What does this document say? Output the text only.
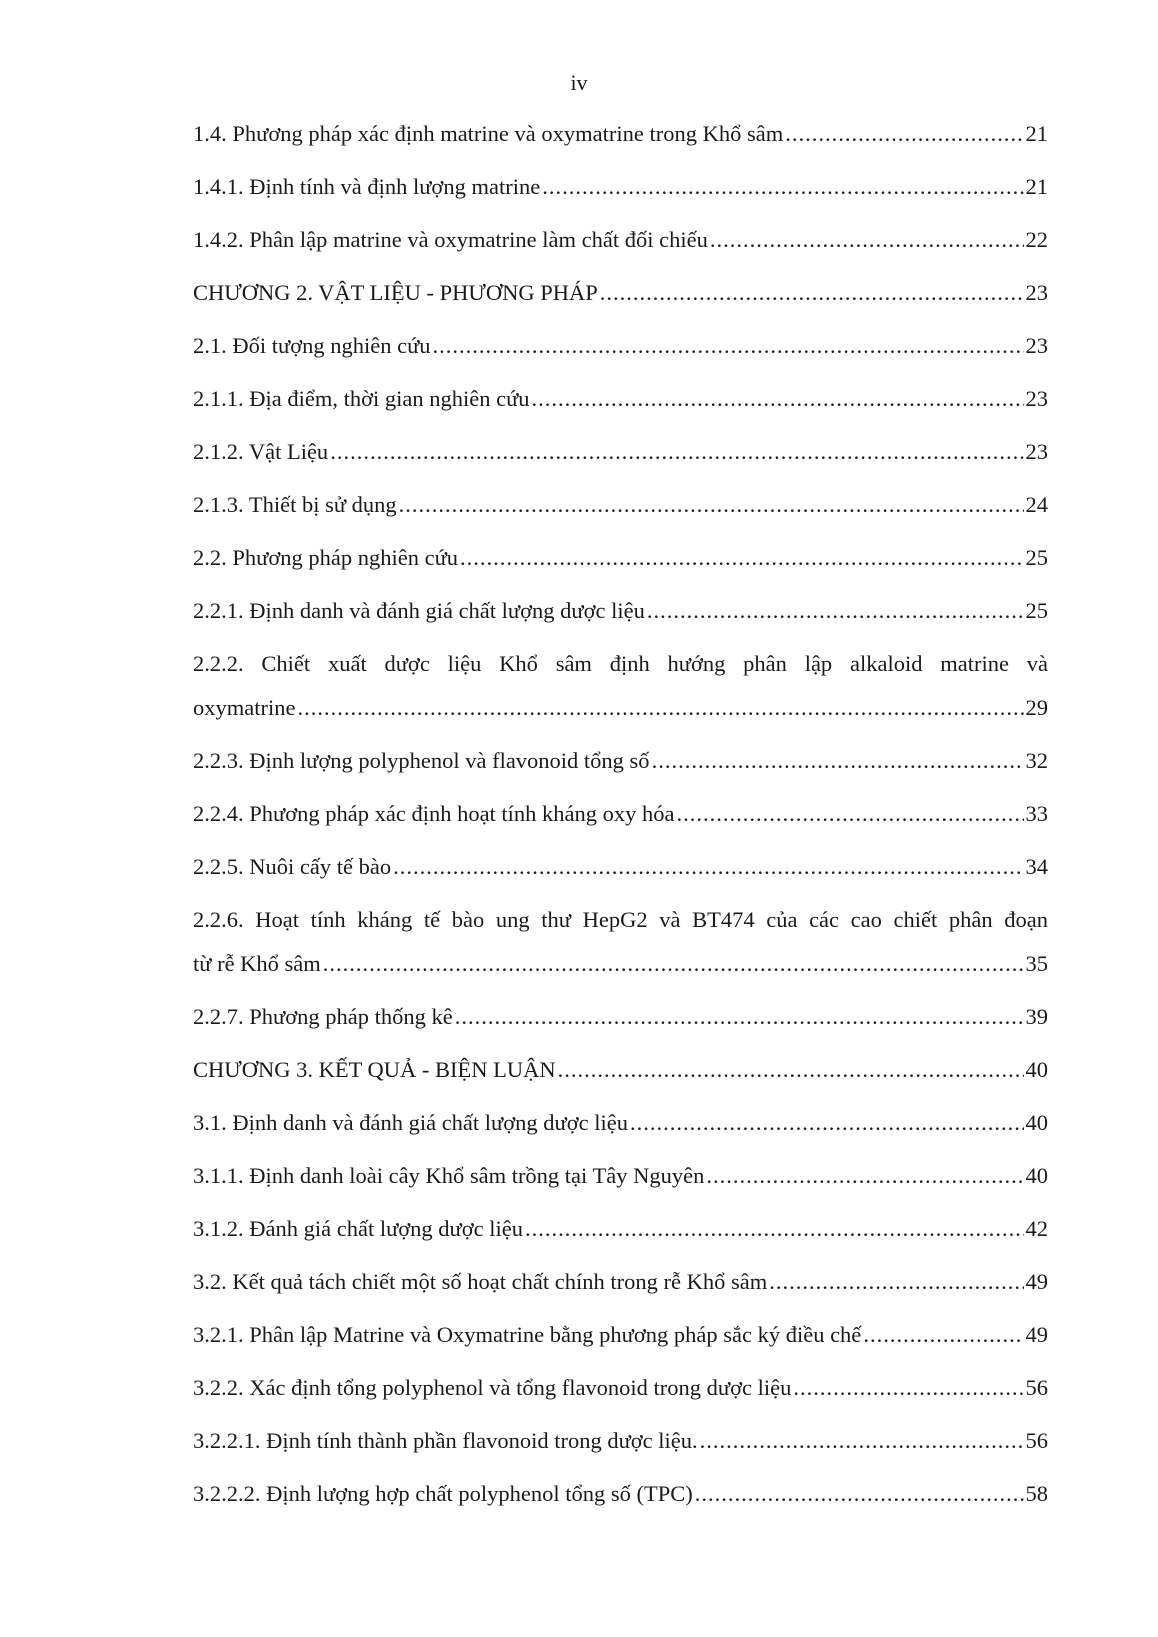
iv
1.4. Phương pháp xác định matrine và oxymatrine trong Khổ sâm .....	21
1.4.1. Định tính và định lượng matrine .....	21
1.4.2. Phân lập matrine và oxymatrine làm chất đối chiếu .....	22
CHƯƠNG 2. VẬT LIỆU - PHƯƠNG PHÁP .....	23
2.1. Đối tượng nghiên cứu .....	23
2.1.1. Địa điểm, thời gian nghiên cứu .....	23
2.1.2. Vật Liệu .....	23
2.1.3. Thiết bị sử dụng .....	24
2.2. Phương pháp nghiên cứu .....	25
2.2.1. Định danh và đánh giá chất lượng dược liệu .....	25
2.2.2. Chiết xuất dược liệu Khổ sâm định hướng phân lập alkaloid matrine và
oxymatrine .....	29
2.2.3. Định lượng polyphenol và flavonoid tổng số .....	32
2.2.4. Phương pháp xác định hoạt tính kháng oxy hóa .....	33
2.2.5. Nuôi cấy tế bào .....	34
2.2.6. Hoạt tính kháng tế bào ung thư HepG2 và BT474 của các cao chiết phân đoạn
từ rễ Khổ sâm .....	35
2.2.7. Phương pháp thống kê .....	39
CHƯƠNG 3. KẾT QUẢ - BIỆN LUẬN .....	40
3.1. Định danh và đánh giá chất lượng dược liệu .....	40
3.1.1. Định danh loài cây Khổ sâm trồng tại Tây Nguyên .....	40
3.1.2. Đánh giá chất lượng dược liệu .....	42
3.2. Kết quả tách chiết một số hoạt chất chính trong rễ Khổ sâm .....	49
3.2.1. Phân lập Matrine và Oxymatrine bằng phương pháp sắc ký điều chế .....	49
3.2.2. Xác định tổng polyphenol và tổng flavonoid trong dược liệu .....	56
3.2.2.1. Định tính thành phần flavonoid trong dược liệu. .....	56
3.2.2.2. Định lượng hợp chất polyphenol tổng số (TPC) .....	58
